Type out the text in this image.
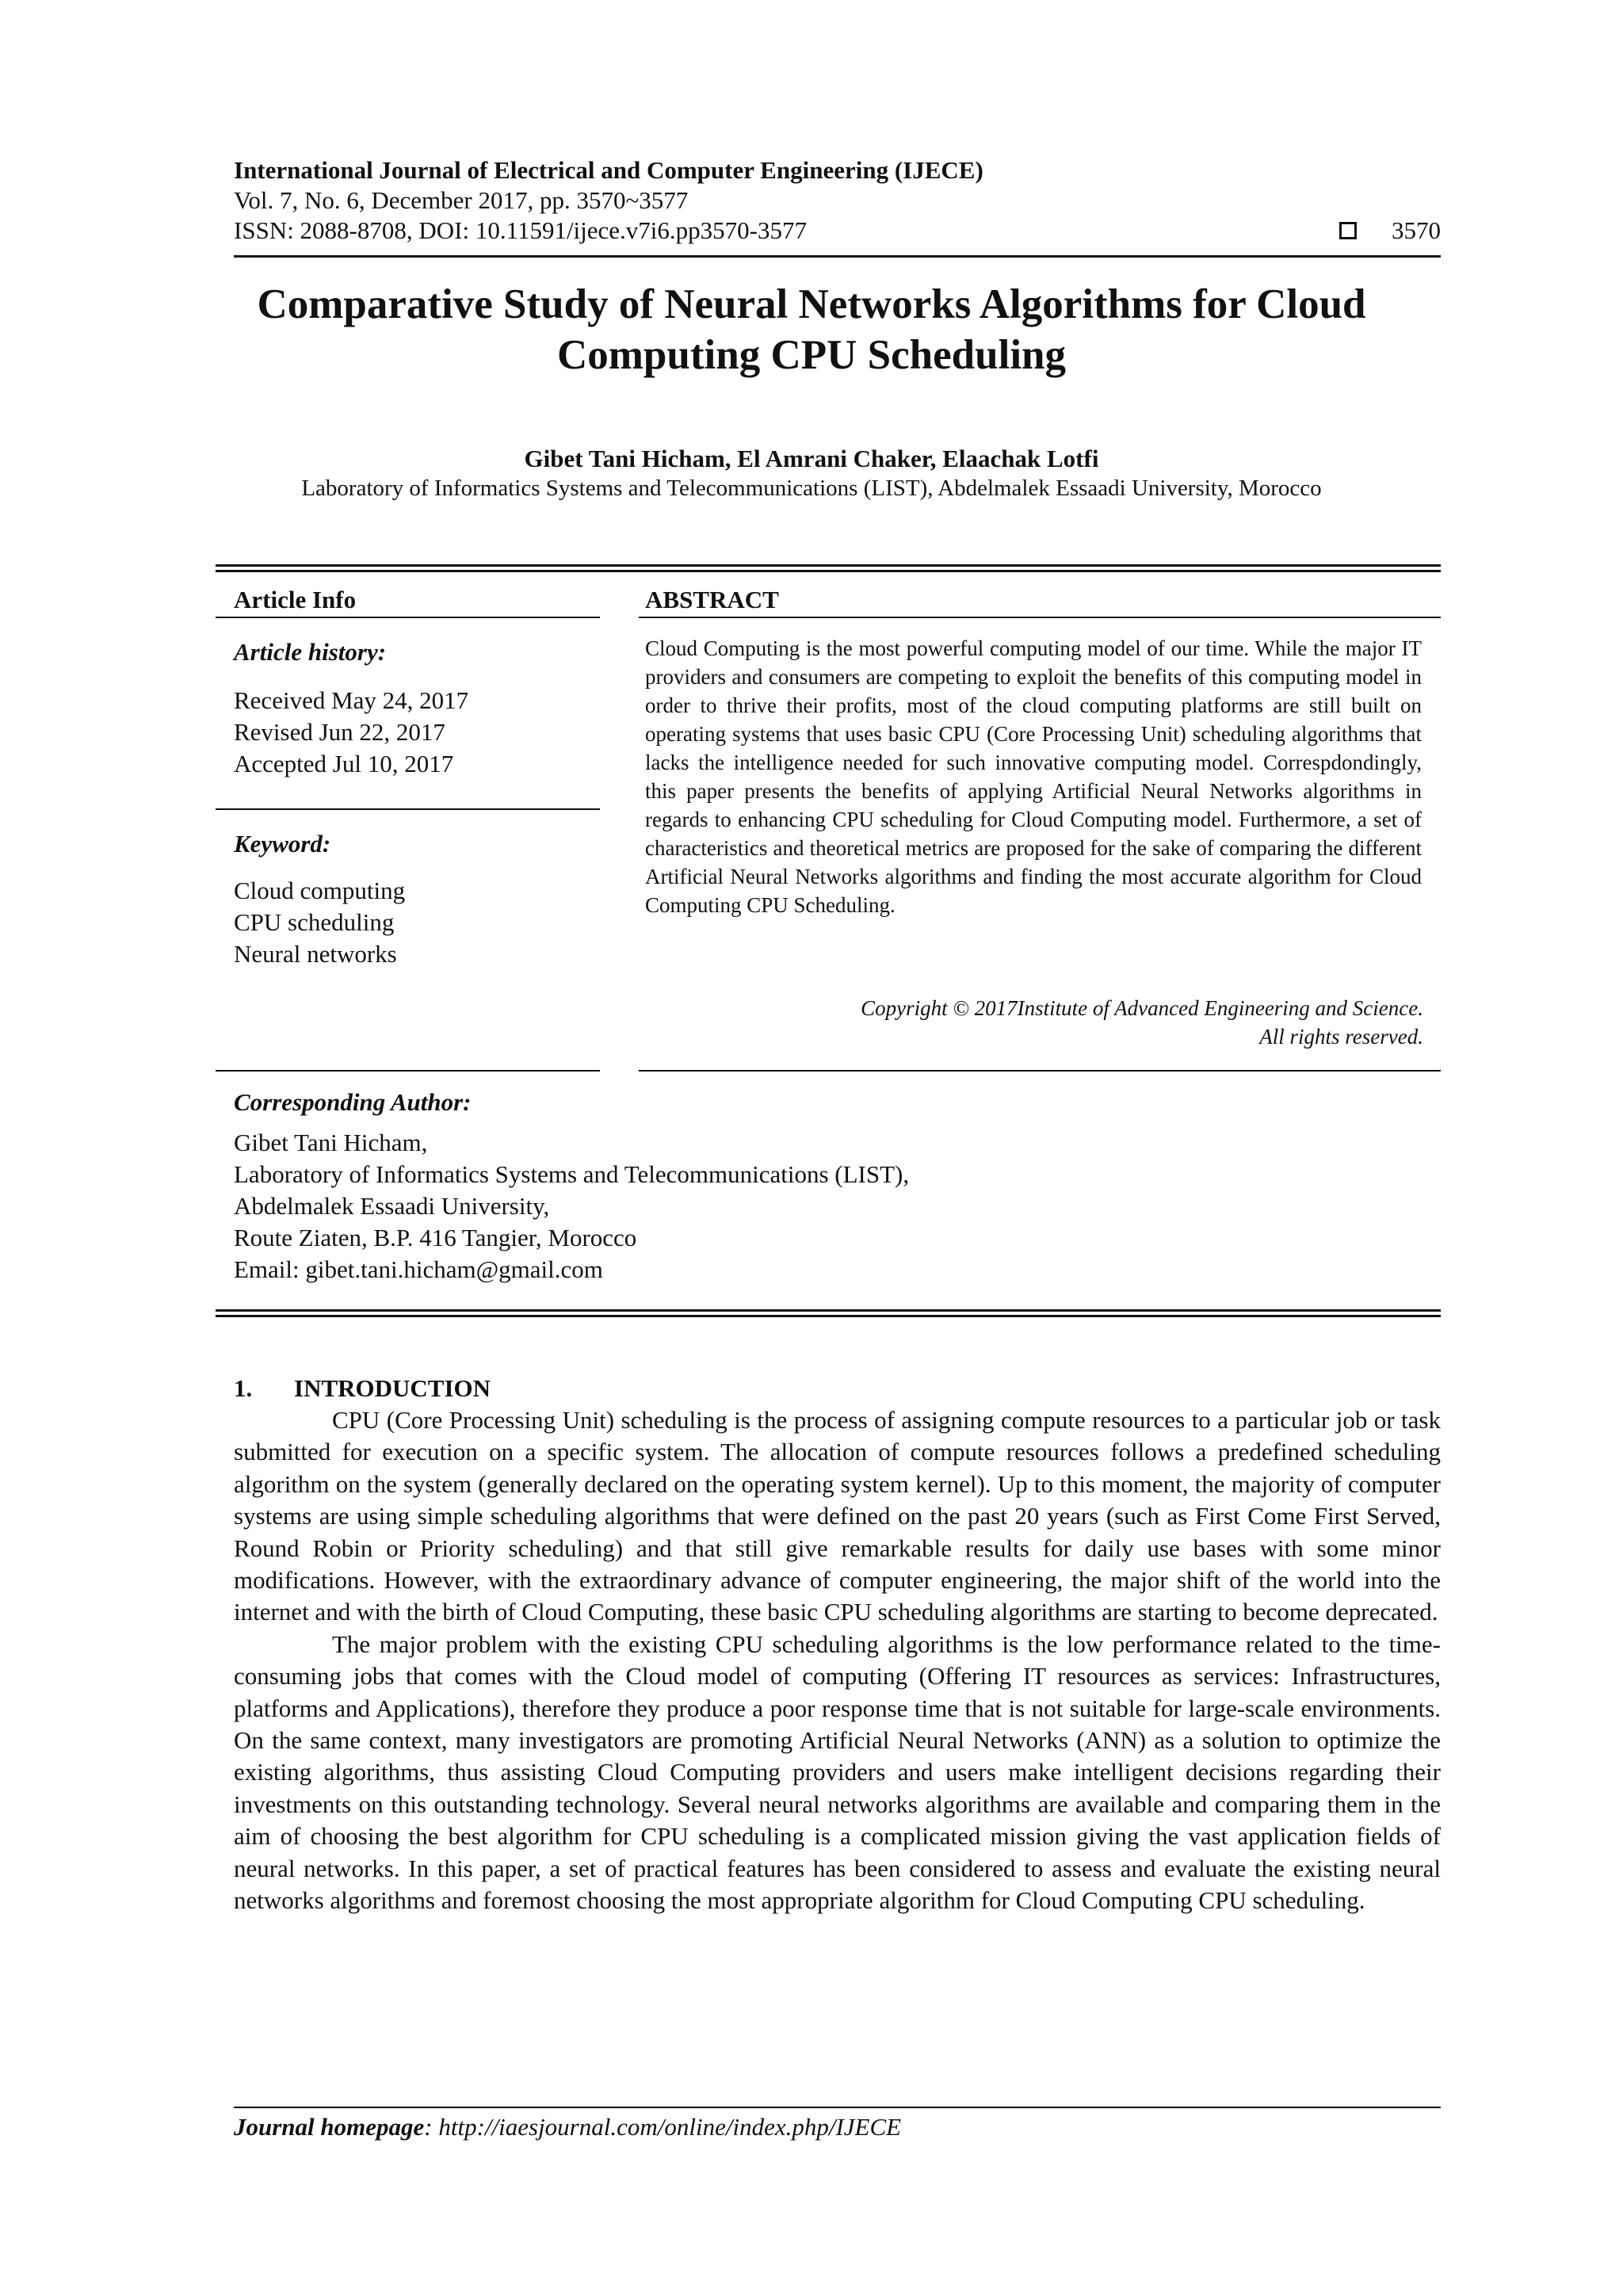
International Journal of Electrical and Computer Engineering (IJECE)
Vol. 7, No. 6, December 2017, pp. 3570~3577
ISSN: 2088-8708, DOI: 10.11591/ijece.v7i6.pp3570-3577	3570
Comparative Study of Neural Networks Algorithms for Cloud
Computing CPU Scheduling
Gibet Tani Hicham, El Amrani Chaker, Elaachak Lotfi
Laboratory of Informatics Systems and Telecommunications (LIST), Abdelmalek Essaadi University, Morocco
Article Info
Article history:
Received May 24, 2017
Revised Jun 22, 2017
Accepted Jul 10, 2017
Keyword:
Cloud computing
CPU scheduling
Neural networks
ABSTRACT
Cloud Computing is the most powerful computing model of our time. While the major IT providers and consumers are competing to exploit the benefits of this computing model in order to thrive their profits, most of the cloud computing platforms are still built on operating systems that uses basic CPU (Core Processing Unit) scheduling algorithms that lacks the intelligence needed for such innovative computing model. Correspdondingly, this paper presents the benefits of applying Artificial Neural Networks algorithms in regards to enhancing CPU scheduling for Cloud Computing model. Furthermore, a set of characteristics and theoretical metrics are proposed for the sake of comparing the different Artificial Neural Networks algorithms and finding the most accurate algorithm for Cloud Computing CPU Scheduling.
Copyright © 2017Institute of Advanced Engineering and Science.
All rights reserved.
Corresponding Author:
Gibet Tani Hicham,
Laboratory of Informatics Systems and Telecommunications (LIST),
Abdelmalek Essaadi University,
Route Ziaten, B.P. 416 Tangier, Morocco
Email: gibet.tani.hicham@gmail.com
1. INTRODUCTION

CPU (Core Processing Unit) scheduling is the process of assigning compute resources to a particular job or task submitted for execution on a specific system. The allocation of compute resources follows a predefined scheduling algorithm on the system (generally declared on the operating system kernel). Up to this moment, the majority of computer systems are using simple scheduling algorithms that were defined on the past 20 years (such as First Come First Served, Round Robin or Priority scheduling) and that still give remarkable results for daily use bases with some minor modifications. However, with the extraordinary advance of computer engineering, the major shift of the world into the internet and with the birth of Cloud Computing, these basic CPU scheduling algorithms are starting to become deprecated.

The major problem with the existing CPU scheduling algorithms is the low performance related to the time-consuming jobs that comes with the Cloud model of computing (Offering IT resources as services: Infrastructures, platforms and Applications), therefore they produce a poor response time that is not suitable for large-scale environments. On the same context, many investigators are promoting Artificial Neural Networks (ANN) as a solution to optimize the existing algorithms, thus assisting Cloud Computing providers and users make intelligent decisions regarding their investments on this outstanding technology. Several neural networks algorithms are available and comparing them in the aim of choosing the best algorithm for CPU scheduling is a complicated mission giving the vast application fields of neural networks. In this paper, a set of practical features has been considered to assess and evaluate the existing neural networks algorithms and foremost choosing the most appropriate algorithm for Cloud Computing CPU scheduling.

Journal homepage: http://iaesjournal.com/online/index.php/IJECE
